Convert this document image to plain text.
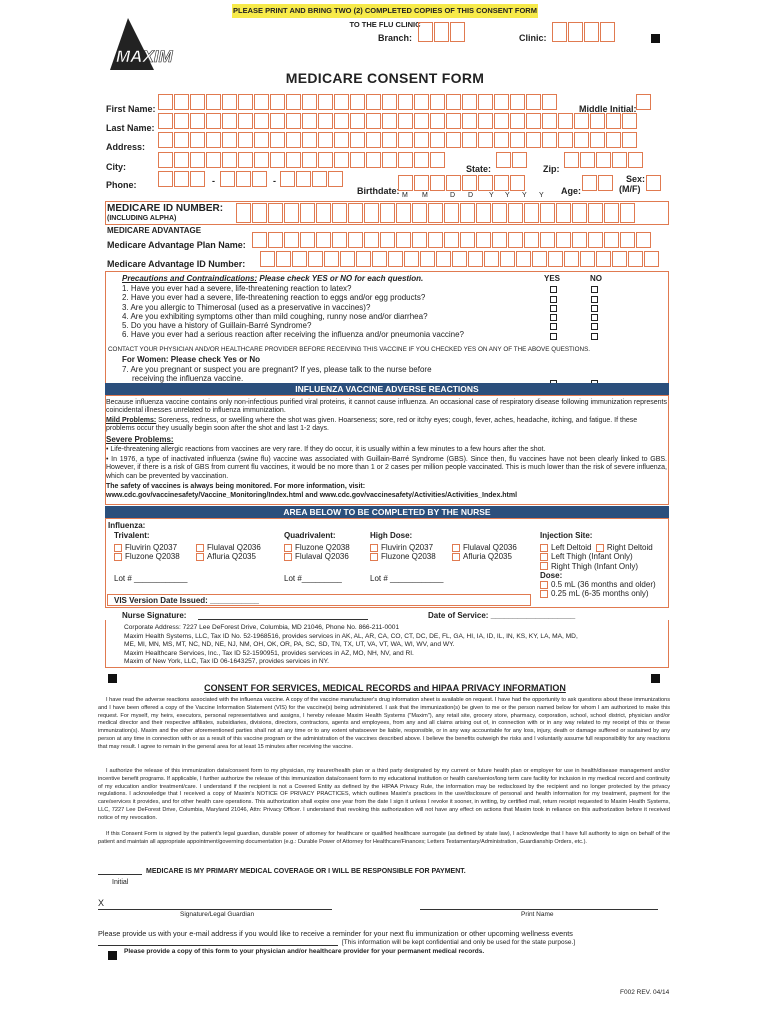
PLEASE PRINT AND BRING TWO (2) COMPLETED COPIES OF THIS CONSENT FORM TO THE FLU CLINIC
MAXIM
Branch:	Clinic:
MEDICARE CONSENT FORM
First Name:	Middle Initial:
Last Name:
Address:
City:	State:	Zip:
Phone:	-	-
Birthdate: M M	D D Y Y Y Y Age:
Sex:
(M/F)
MEDICARE ID NUMBER:
(INCLUDING ALPHA)
MEDICARE ADVANTAGE
Medicare Advantage Plan Name:
Medicare Advantage ID Number:
Precautions and Contraindications: Please check YES or NO for each question.	YES	NO
1. Have you ever had a severe, life-threatening reaction to latex?
2. Have you ever had a severe, life-threatening reaction to eggs and/or egg products?
3. Are you allergic to Thimerosal (used as a preservative in vaccines)?
4. Are you exhibiting symptoms other than mild coughing, runny nose and/or diarrhea?
5. Do you have a history of Guillain-Barré Syndrome?
6. Have you ever had a serious reaction after receiving the influenza and/or pneumonia vaccine?
CONTACT YOUR PHYSICIAN AND/OR HEALTHCARE PROVIDER BEFORE RECEIVING THIS VACCINE IF YOU CHECKED YES ON ANY OF THE ABOVE QUESTIONS.
For Women: Please check Yes or No
7. Are you pregnant or suspect you are pregnant? If yes, please talk to the nurse before
receiving the influenza vaccine.
INFLUENZA VACCINE ADVERSE REACTIONS
Because influenza vaccine contains only non-infectious purified viral proteins, it cannot cause influenza. An occasional case of respiratory disease following immunization represents coincidental illnesses unrelated to influenza immunization.
Mild Problems: Soreness, redness, or swelling where the shot was given. Hoarseness; sore, red or itchy eyes; cough, fever, aches, headache, itching, and fatigue. If these problems occur they usually begin soon after the shot and last 1-2 days.
Severe Problems:
• Life-threatening allergic reactions from vaccines are very rare. If they do occur, it is usually within a few minutes to a few hours after the shot.
• In 1976, a type of inactivated influenza (swine flu) vaccine was associated with Guillain-Barré Syndrome (GBS). Since then, flu vaccines have not been clearly linked to GBS. However, if there is a risk of GBS from current flu vaccines, it would be no more than 1 or 2 cases per million people vaccinated. This is much lower than the risk of severe influenza, which can be prevented by vaccination.
The safety of vaccines is always being monitored. For more information, visit:
www.cdc.gov/vaccinesafety/Vaccine_Monitoring/Index.html and www.cdc.gov/vaccinesafety/Activities/Activities_Index.html
AREA BELOW TO BE COMPLETED BY THE NURSE
Influenza:
Trivalent:
Fluvirin Q2037
Fluzone Q2038
Flulaval Q2036
Afluria Q2035
Quadrivalent:
Fluzone Q2038
Flulaval Q2036
High Dose:
Fluvirin Q2037
Fluzone Q2038
Flulaval Q2036
Afluria Q2035
Injection Site:
Left Deltoid Right Deltoid
Left Thigh (Infant Only)
Right Thigh (Infant Only)
Dose:
0.5 mL (36 months and older)
0.25 mL (6-35 months only)
Lot # ____________	Lot #_________	Lot # ____________
VIS Version Date Issued: ___________
Nurse Signature:	Date of Service: ___________________
Corporate Address: 7227 Lee DeForest Drive, Columbia, MD 21046, Phone No. 866-211-0001
Maxim Health Systems, LLC, Tax ID No. 52-1968516, provides services in AK, AL, AR, CA, CO, CT, DC, DE, FL, GA, HI, IA, ID, IL, IN, KS, KY, LA, MA, MD,
ME, MI, MN, MS, MT, NC, ND, NE, NJ, NM, OH, OK, OR, PA, SC, SD, TN, TX, UT, VA, VT, WA, WI, WV, and WY.
Maxim Healthcare Services, Inc., Tax ID 52-1590951, provides services in AZ, MO, NH, NV, and RI.
Maxim of New York, LLC, Tax ID 06-1643257, provides services in NY.
CONSENT FOR SERVICES, MEDICAL RECORDS and HIPAA PRIVACY INFORMATION
I have read the adverse reactions associated with the influenza vaccine. A copy of the vaccine manufacturer's drug information sheet is available on request. I have had the opportunity to ask questions about these immunizations and I have been offered a copy of the Vaccine Information Statement (VIS) for the vaccine(s) being administered. I ask that the immunization(s) be given to me or the person named below for whom I am authorized to make this request. For myself, my heirs, executors, personal representatives and assigns, I hereby release Maxim Health Systems ("Maxim"), any retail site, grocery store, pharmacy, corporation, school, school district, physician and/or medical director and their respective affiliates, subsidiaries, divisions, directors, contractors, agents and employees, from any and all claims arising out of, in connection with or in any way related to my receipt of this or these immunization(s). Maxim and the other aforementioned parties shall not at any time or to any extent whatsoever be liable, responsible, or in any way accountable for any loss, injury, death or damage suffered or sustained by any person at any time in connection with or as a result of this vaccine program or the administration of the vaccines described above. I believe the benefits outweigh the risks and I voluntarily assume full responsibility for any reactions that may result. I agree to remain in the general area for at least 15 minutes after receiving the vaccine.
I authorize the release of this immunization data/consent form to my physician, my insurer/health plan or a third party designated by my current or future health plan or employer for use in health/disease management and/or incentive benefit programs. If applicable, I further authorize the release of this immunization data/consent form to my educational institution or health care/senior/long term care facility for inclusion in my medical record and continuity of my education and/or treatment/care. I understand if the recipient is not a Covered Entity as defined by the HIPAA Privacy Rule, the information may be redisclosed by the recipient and no longer protected by the privacy regulations. I acknowledge that I received a copy of Maxim's NOTICE OF PRIVACY PRACTICES, which outlines Maxim's practices in the use/disclosure of personal and health information for my treatment, payment for the care/services it provides, and for other health care operations. This authorization shall expire one year from the date I sign it unless I revoke it sooner, in writing, by certified mail, return receipt requested to Maxim Health Systems, LLC, 7227 Lee DeForest Drive, Columbia, Maryland 21046, Attn: Privacy Officer. I understand that revoking this authorization will not have any effect on actions that Maxim took in reliance on this authorization before it received notice of my revocation.
If this Consent Form is signed by the patient's legal guardian, durable power of attorney for healthcare or qualified healthcare surrogate (as defined by state law), I acknowledge that I have full authority to sign on behalf of the patient and maintain all appropriate appointment/governing documentation (e.g.: Durable Power of Attorney for Healthcare/Finances; Letters Testamentary/Administration, Guardianship Orders, etc.).
MEDICARE IS MY PRIMARY MEDICAL COVERAGE OR I WILL BE RESPONSIBLE FOR PAYMENT.
Initial
X
Signature/Legal Guardian	Print Name
Please provide us with your e-mail address if you would like to receive a reminder for your next flu immunization or other upcoming wellness events
[This information will be kept confidential and only be used for the state purpose.]
Please provide a copy of this form to your physician and/or healthcare provider for your permanent medical records.
F002 REV. 04/14
